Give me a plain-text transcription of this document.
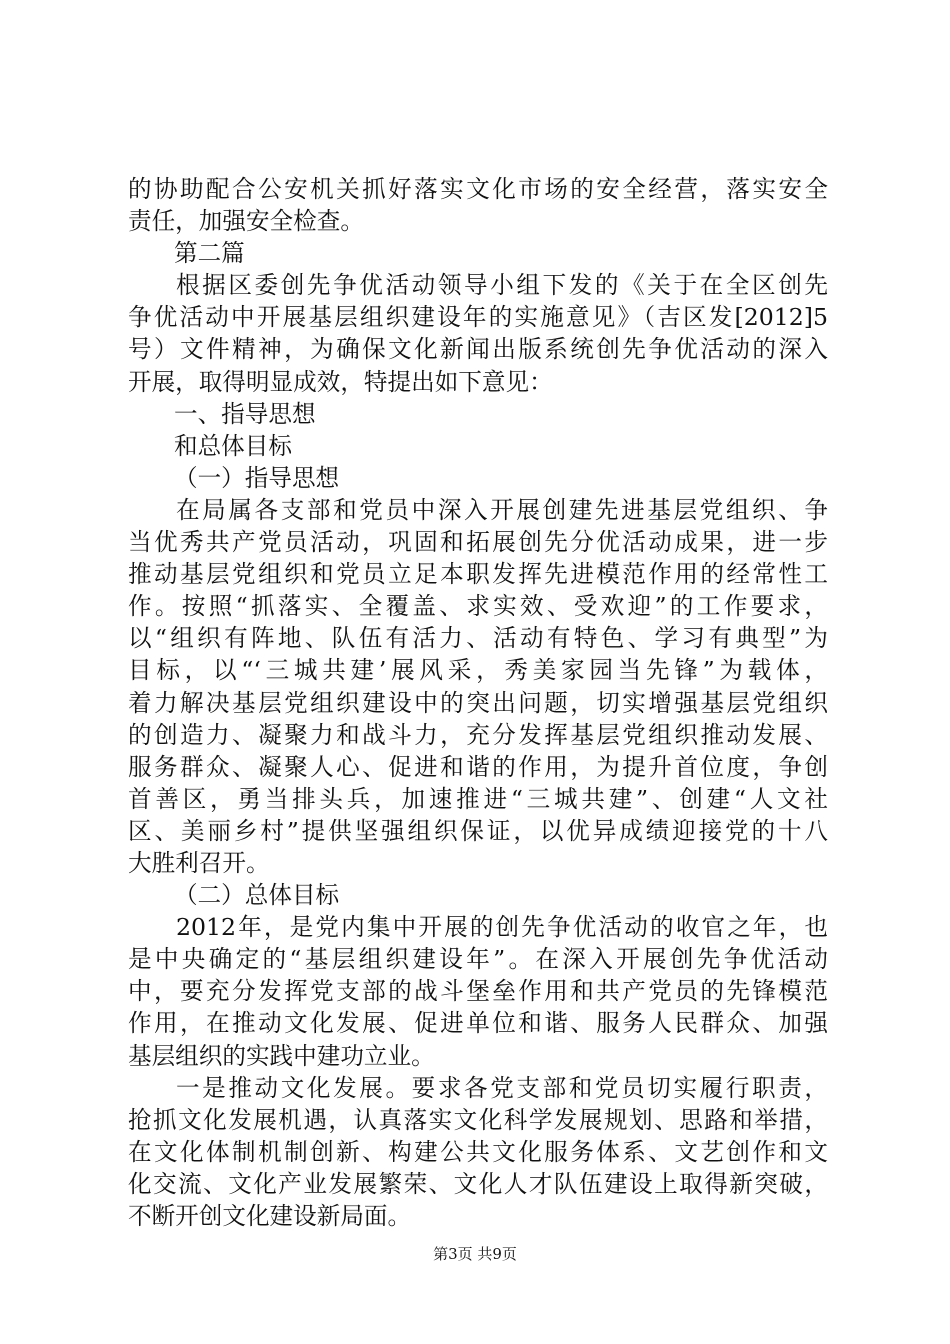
的协助配合公安机关抓好落实文化市场的安全经营，落实安全
责任，加强安全检查。
第二篇
根据区委创先争优活动领导小组下发的《关于在全区创先
争优活动中开展基层组织建设年的实施意见》（吉区发[2012]5
号）文件精神，为确保文化新闻出版系统创先争优活动的深入
开展，取得明显成效，特提出如下意见：
一、指导思想
和总体目标
（一）指导思想
在局属各支部和党员中深入开展创建先进基层党组织、争
当优秀共产党员活动，巩固和拓展创先分优活动成果，进一步
推动基层党组织和党员立足本职发挥先进模范作用的经常性工
作。按照“抓落实、全覆盖、求实效、受欢迎”的工作要求，
以“组织有阵地、队伍有活力、活动有特色、学习有典型”为
目标，以“‘三城共建’展风采，秀美家园当先锋”为载体，
着力解决基层党组织建设中的突出问题，切实增强基层党组织
的创造力、凝聚力和战斗力，充分发挥基层党组织推动发展、
服务群众、凝聚人心、促进和谐的作用，为提升首位度，争创
首善区，勇当排头兵，加速推进“三城共建”、创建“人文社
区、美丽乡村”提供坚强组织保证，以优异成绩迎接党的十八
大胜利召开。
（二）总体目标
2012年，是党内集中开展的创先争优活动的收官之年，也
是中央确定的“基层组织建设年”。在深入开展创先争优活动
中，要充分发挥党支部的战斗堡垒作用和共产党员的先锋模范
作用，在推动文化发展、促进单位和谐、服务人民群众、加强
基层组织的实践中建功立业。
一是推动文化发展。要求各党支部和党员切实履行职责，
抢抓文化发展机遇，认真落实文化科学发展规划、思路和举措，
在文化体制机制创新、构建公共文化服务体系、文艺创作和文
化交流、文化产业发展繁荣、文化人才队伍建设上取得新突破，
不断开创文化建设新局面。
第3页 共9页
